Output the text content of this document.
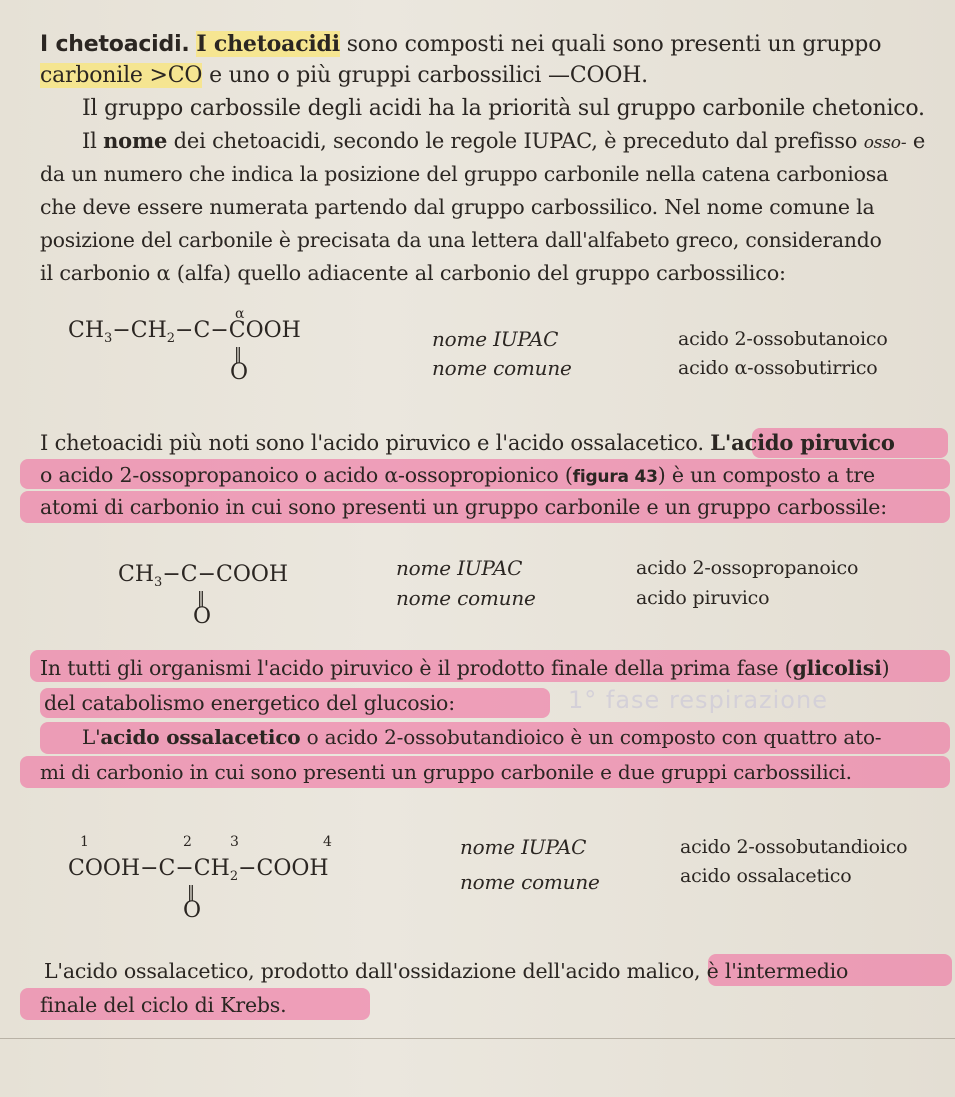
I chetoacidi. I chetoacidi sono composti nei quali sono presenti un gruppo
carbonile >CO e uno o più gruppi carbossilici —COOH.
Il gruppo carbossile degli acidi ha la priorità sul gruppo carbonile chetonico.
Il nome dei chetoacidi, secondo le regole IUPAC, è preceduto dal prefisso osso- e
da un numero che indica la posizione del gruppo carbonile nella catena carboniosa
che deve essere numerata partendo dal gruppo carbossilico. Nel nome comune la
posizione del carbonile è precisata da una lettera dall'alfabeto greco, considerando
il carbonio α (alfa) quello adiacente al carbonio del gruppo carbossilico:
$CH_3-CH_2-C-COOH$
α
‖
O
nome IUPAC	acido 2-ossobutanoico
nome comune	acido α-ossobutirrico
I chetoacidi più noti sono l'acido piruvico e l'acido ossalacetico. L'acido piruvico
o acido 2-ossopropanoico o acido α-ossopropionico (figura 43) è un composto a tre
atomi di carbonio in cui sono presenti un gruppo carbonile e un gruppo carbossile:
$CH_3-C-COOH$
‖
O
nome IUPAC	acido 2-ossopropanoico
nome comune	acido piruvico
In tutti gli organismi l'acido piruvico è il prodotto finale della prima fase (glicolisi)
del catabolismo energetico del glucosio:	1° fase respirazione
L'acido ossalacetico o acido 2-ossobutandioico è un composto con quattro ato-
mi di carbonio in cui sono presenti un gruppo carbonile e due gruppi carbossilici.
1	2	3	4
$COOH-C-CH_2-COOH$
‖
O
nome IUPAC	acido 2-ossobutandioico
nome comune	acido ossalacetico
L'acido ossalacetico, prodotto dall'ossidazione dell'acido malico, è l'intermedio
finale del ciclo di Krebs.
